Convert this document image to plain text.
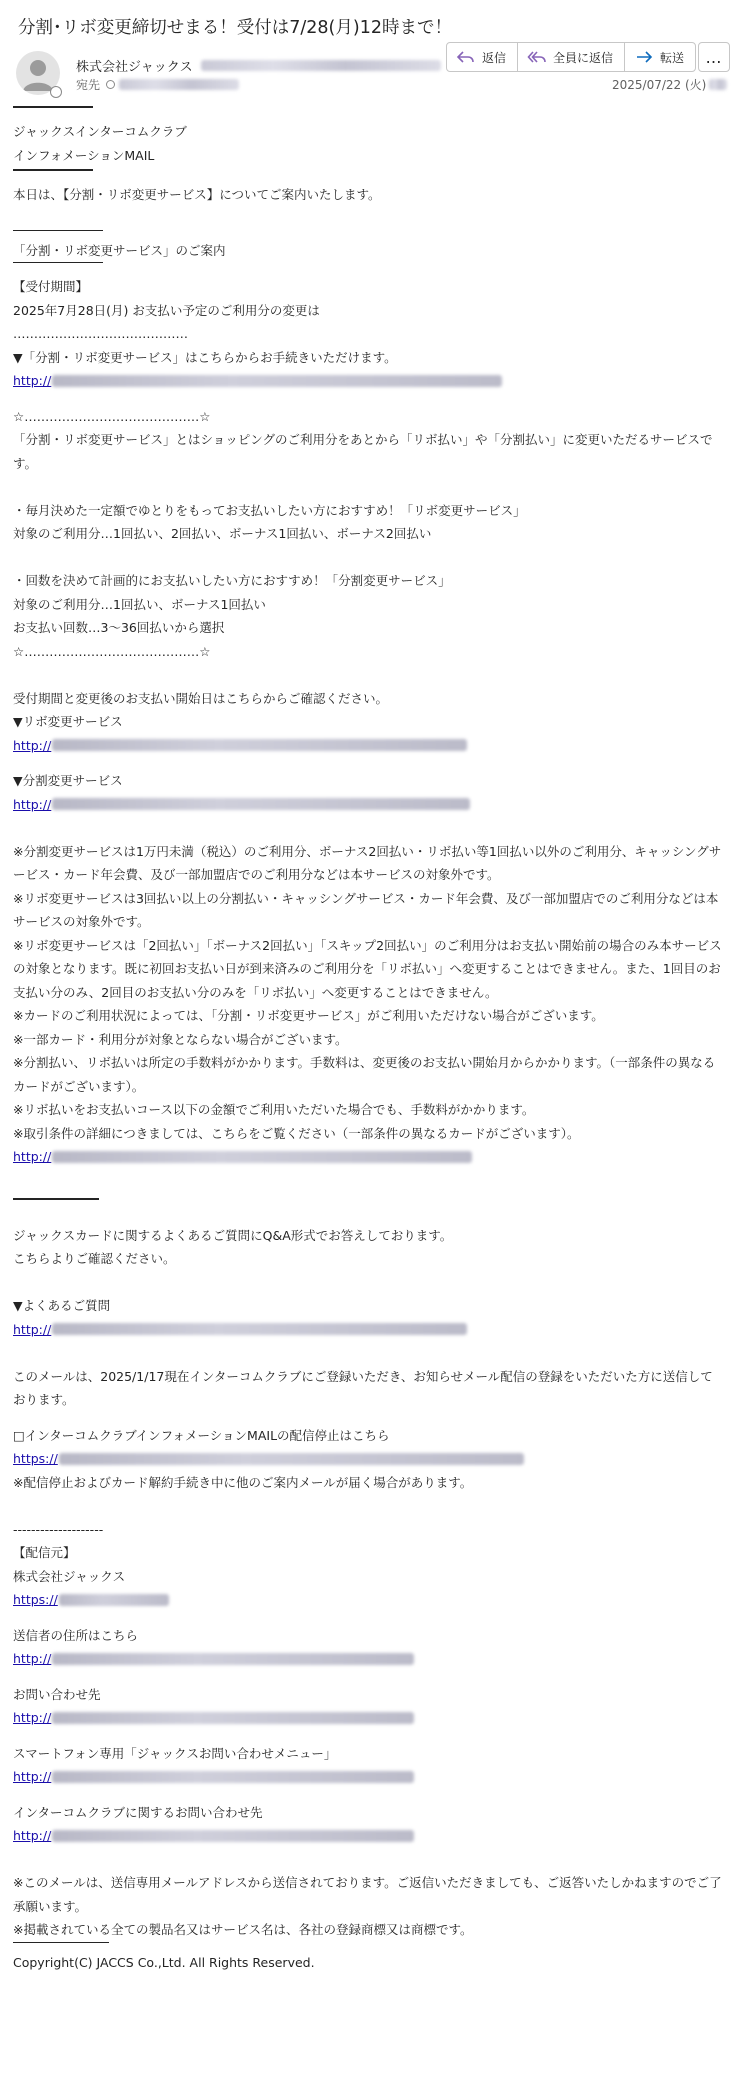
分割･リボ変更締切せまる！受付は7/28(月)12時まで！
株式会社ジャックス
宛先
返信	全員に返信	転送 …
2025/07/22 (火)
ジャックスインターコムクラブ
インフォメーションMAIL
本日は、【分割・リボ変更サービス】についてご案内いたします。
「分割・リボ変更サービス」のご案内
【受付期間】
2025年7月28日(月) お支払い予定のご利用分の変更は
……………………………………
▼「分割・リボ変更サービス」はこちらからお手続きいただけます。
http://
☆……………………………………☆
「分割・リボ変更サービス」とはショッピングのご利用分をあとから「リボ払い」や「分割払い」に変更いただるサービスです。
・毎月決めた一定額でゆとりをもってお支払いしたい方におすすめ！「リボ変更サービス」
対象のご利用分…1回払い、2回払い、ボーナス1回払い、ボーナス2回払い
・回数を決めて計画的にお支払いしたい方におすすめ！「分割変更サービス」
対象のご利用分…1回払い、ボーナス1回払い
お支払い回数…3～36回払いから選択
☆……………………………………☆
受付期間と変更後のお支払い開始日はこちらからご確認ください。
▼リボ変更サービス
http://
▼分割変更サービス
http://
※分割変更サービスは1万円未満（税込）のご利用分、ボーナス2回払い・リボ払い等1回払い以外のご利用分、キャッシングサービス・カード年会費、及び一部加盟店でのご利用分などは本サービスの対象外です。
※リボ変更サービスは3回払い以上の分割払い・キャッシングサービス・カード年会費、及び一部加盟店でのご利用分などは本サービスの対象外です。
※リボ変更サービスは「2回払い」「ボーナス2回払い」「スキップ2回払い」のご利用分はお支払い開始前の場合のみ本サービスの対象となります。既に初回お支払い日が到来済みのご利用分を「リボ払い」へ変更することはできません。また、1回目のお支払い分のみ、2回目のお支払い分のみを「リボ払い」へ変更することはできません。
※カードのご利用状況によっては、「分割・リボ変更サービス」がご利用いただけない場合がございます。
※一部カード・利用分が対象とならない場合がございます。
※分割払い、リボ払いは所定の手数料がかかります。手数料は、変更後のお支払い開始月からかかります。（一部条件の異なるカードがございます）。
※リボ払いをお支払いコース以下の金額でご利用いただいた場合でも、手数料がかかります。
※取引条件の詳細につきましては、こちらをご覧ください（一部条件の異なるカードがございます）。
http://
ジャックスカードに関するよくあるご質問にQ&A形式でお答えしております。
こちらよりご確認ください。
▼よくあるご質問
http://
このメールは、2025/1/17現在インターコムクラブにご登録いただき、お知らせメール配信の登録をいただいた方に送信しております。
□インターコムクラブインフォメーションMAILの配信停止はこちら
https://
※配信停止およびカード解約手続き中に他のご案内メールが届く場合があります。
--------------------
【配信元】
株式会社ジャックス
https://
送信者の住所はこちら
http://
お問い合わせ先
http://
スマートフォン専用「ジャックスお問い合わせメニュー」
http://
インターコムクラブに関するお問い合わせ先
http://
※このメールは、送信専用メールアドレスから送信されております。ご返信いただきましても、ご返答いたしかねますのでご了承願います。
※掲載されている全ての製品名又はサービス名は、各社の登録商標又は商標です。
Copyright(C) JACCS Co.,Ltd. All Rights Reserved.
